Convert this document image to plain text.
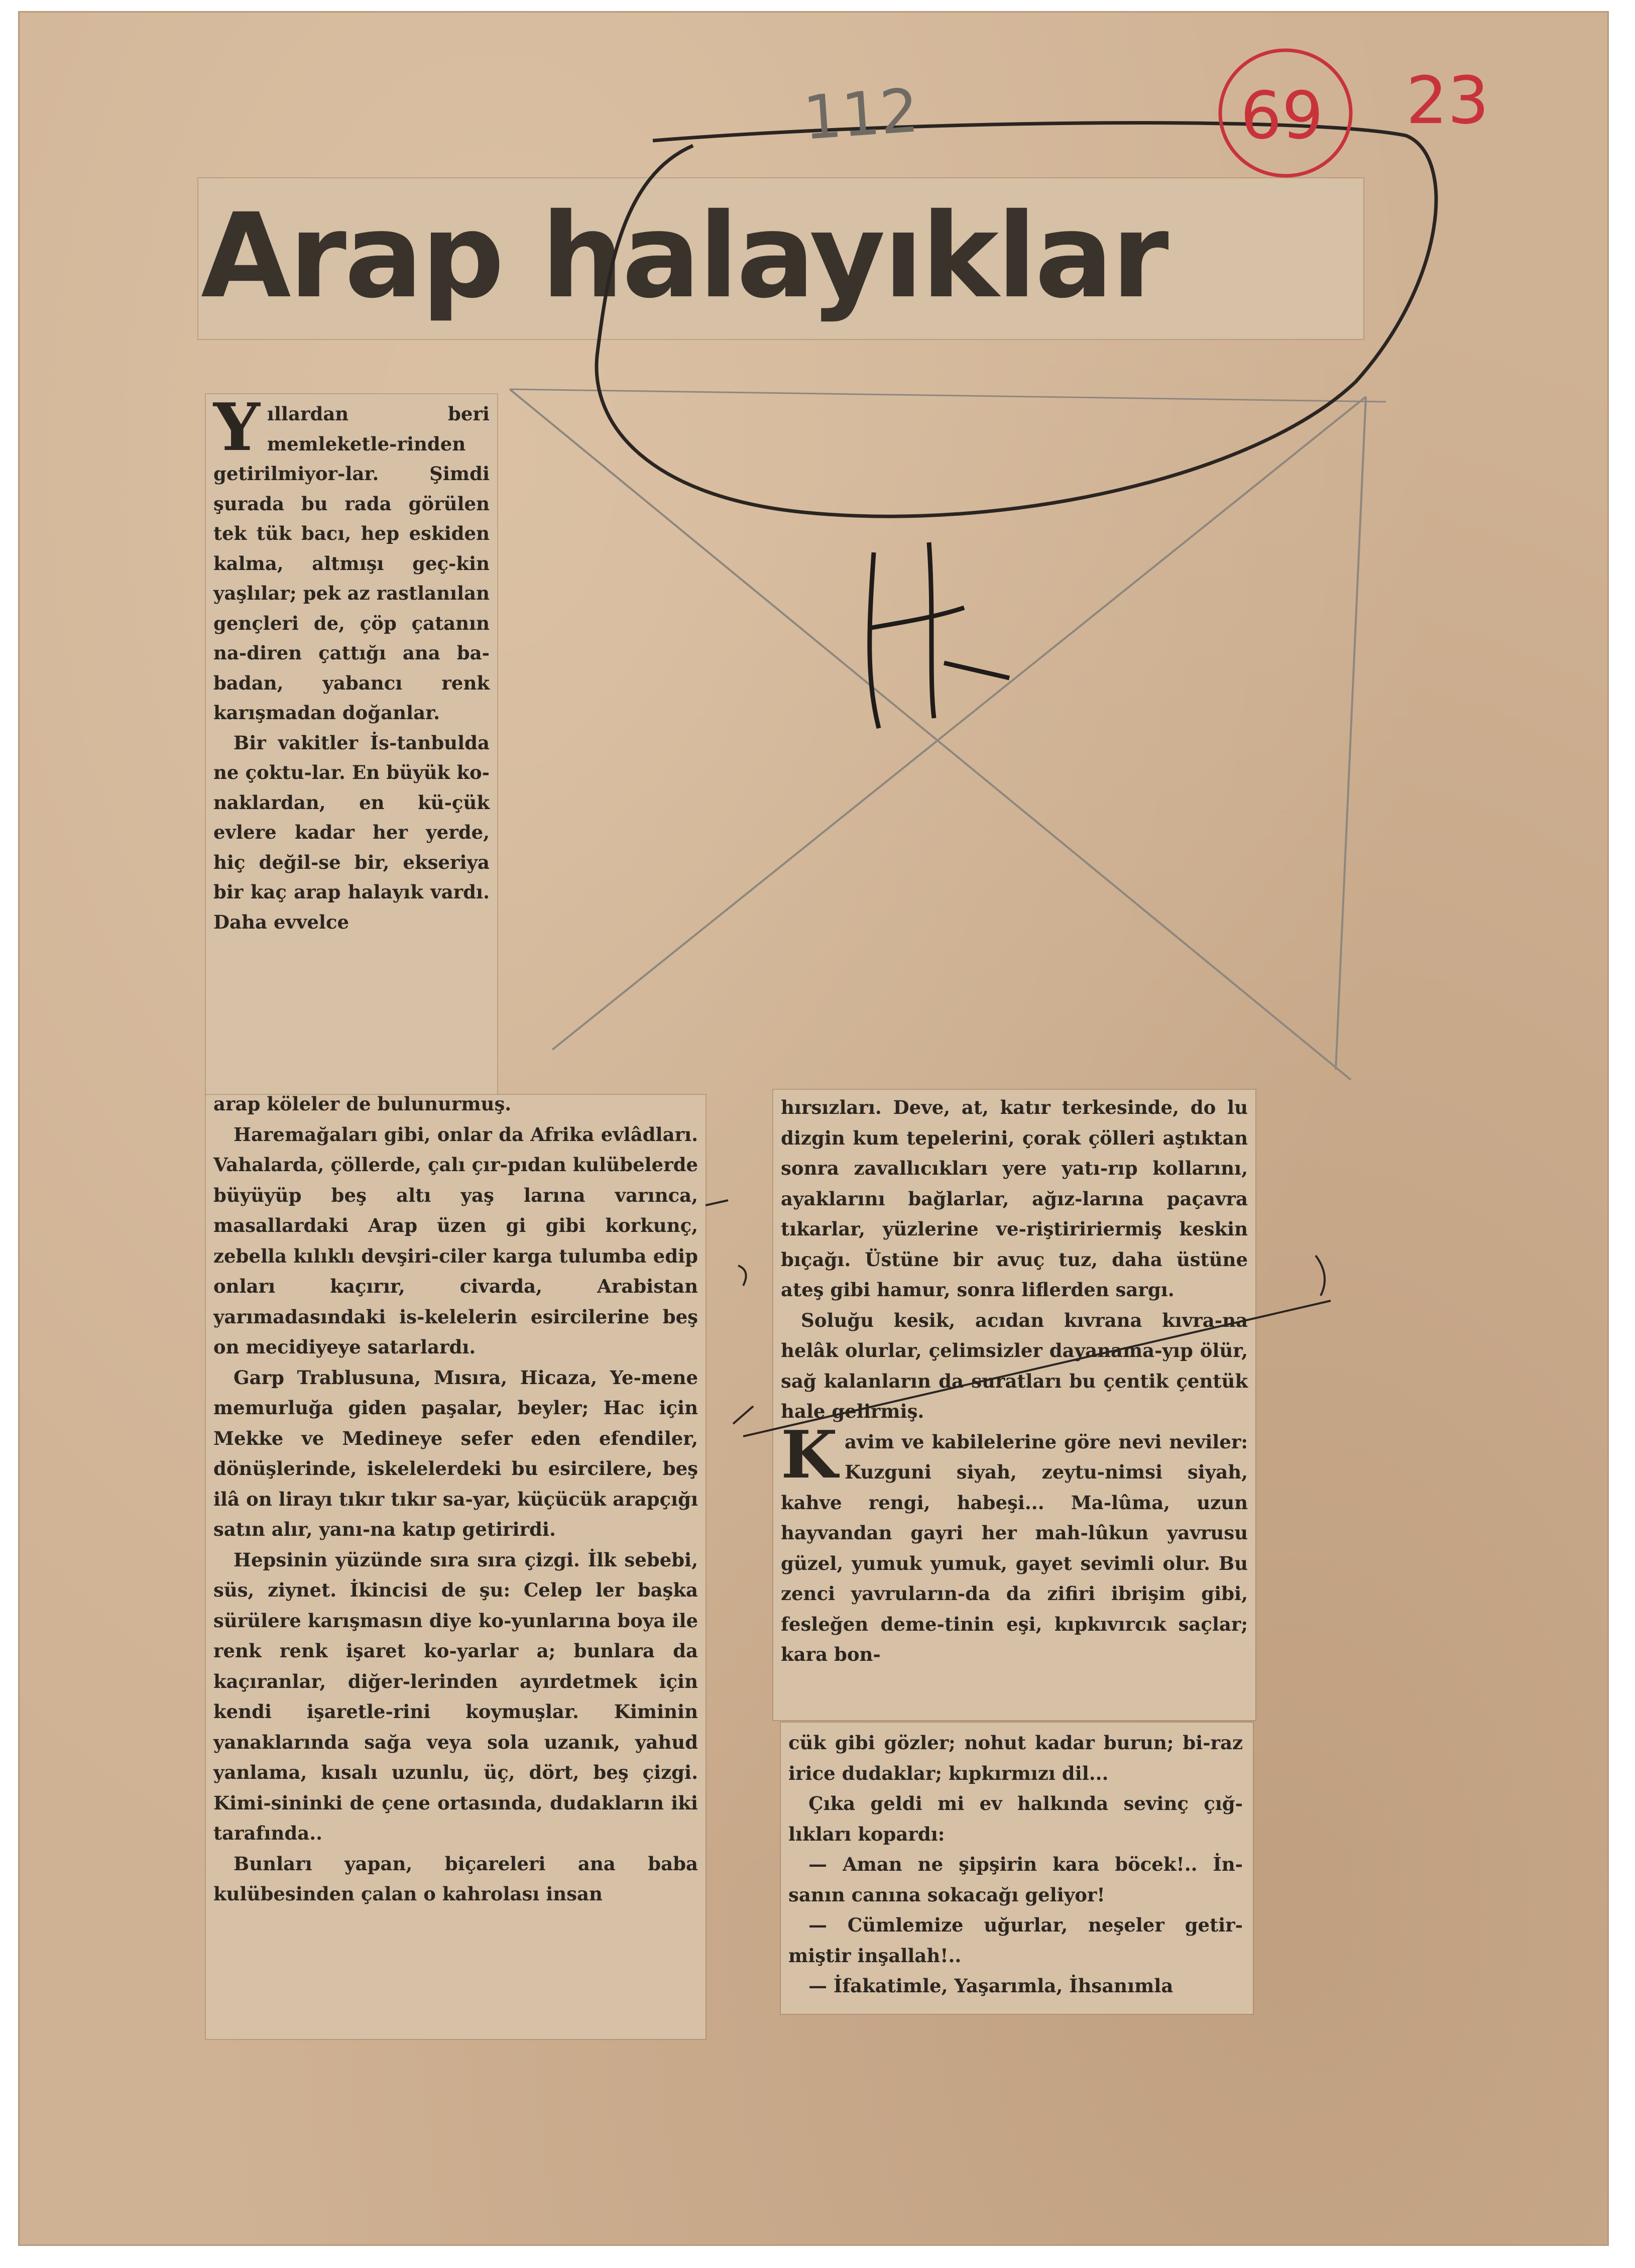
Arap halayıklar

Yıllardan beri memleketle-rinden getirilmiyor-lar. Şimdi şurada bu rada görülen tek tük bacı, hep eskiden kalma, altmışı geç-kin yaşlılar; pek az rastlanılan gençleri de, çöp çatanın na-diren çattığı ana ba-badan, yabancı renk karışmadan doğanlar.

Bir vakitler İs-tanbulda ne çoktu-lar. En büyük ko-naklardan, en kü-çük evlere kadar her yerde, hiç değil-se bir, ekseriya bir kaç arap halayık vardı. Daha evvelce

arap köleler de bulunurmuş.

Haremağaları gibi, onlar da Afrika evlâdları. Vahalarda, çöllerde, çalı çır-pıdan kulübelerde büyüyüp beş altı yaş larına varınca, masallardaki Arap üzen gi gibi korkunç, zebella kılıklı devşiri-ciler karga tulumba edip onları kaçırır, civarda, Arabistan yarımadasındaki is-kelelerin esircilerine beş on mecidiyeye satarlardı.

Garp Trablusuna, Mısıra, Hicaza, Ye-mene memurluğa giden paşalar, beyler; Hac için Mekke ve Medineye sefer eden efendiler, dönüşlerinde, iskelelerdeki bu esircilere, beş ilâ on lirayı tıkır tıkır sa-yar, küçücük arapçığı satın alır, yanı-na katıp getirirdi.

Hepsinin yüzünde sıra sıra çizgi. İlk sebebi, süs, ziynet. İkincisi de şu: Celep ler başka sürülere karışmasın diye ko-yunlarına boya ile renk renk işaret ko-yarlar a; bunlara da kaçıranlar, diğer-lerinden ayırdetmek için kendi işaretle-rini koymuşlar. Kiminin yanaklarında sağa veya sola uzanık, yahud yanlama, kısalı uzunlu, üç, dört, beş çizgi. Kimi-sininki de çene ortasında, dudakların iki tarafında..

Bunları yapan, biçareleri ana baba kulübesinden çalan o kahrolası insan

hırsızları. Deve, at, katır terkesinde, do lu dizgin kum tepelerini, çorak çölleri aştıktan sonra zavallıcıkları yere yatı-rıp kollarını, ayaklarını bağlarlar, ağız-larına paçavra tıkarlar, yüzlerine ve-riştiririermiş keskin bıçağı. Üstüne bir avuç tuz, daha üstüne ateş gibi hamur, sonra liflerden sargı.

Soluğu kesik, acıdan kıvrana kıvra-na helâk olurlar, çelimsizler dayanama-yıp ölür, sağ kalanların da suratları bu çentik çentük hale gelirmiş.

Kavim ve kabilelerine göre nevi neviler: Kuzguni siyah, zeytu-nimsi siyah, kahve rengi, habeşi... Ma-lûma, uzun hayvandan gayri her mah-lûkun yavrusu güzel, yumuk yumuk, gayet sevimli olur. Bu zenci yavruların-da da zifiri ibrişim gibi, fesleğen deme-tinin eşi, kıpkıvırcık saçlar; kara bon-

cük gibi gözler; nohut kadar burun; bi-raz irice dudaklar; kıpkırmızı dil...

Çıka geldi mi ev halkında sevinç çığ-lıkları kopardı:

— Aman ne şipşirin kara böcek!.. İn-sanın canına sokacağı geliyor!

— Cümlemize uğurlar, neşeler getir-miştir inşallah!..

— İfakatimle, Yaşarımla, İhsanımla

112	69 23
